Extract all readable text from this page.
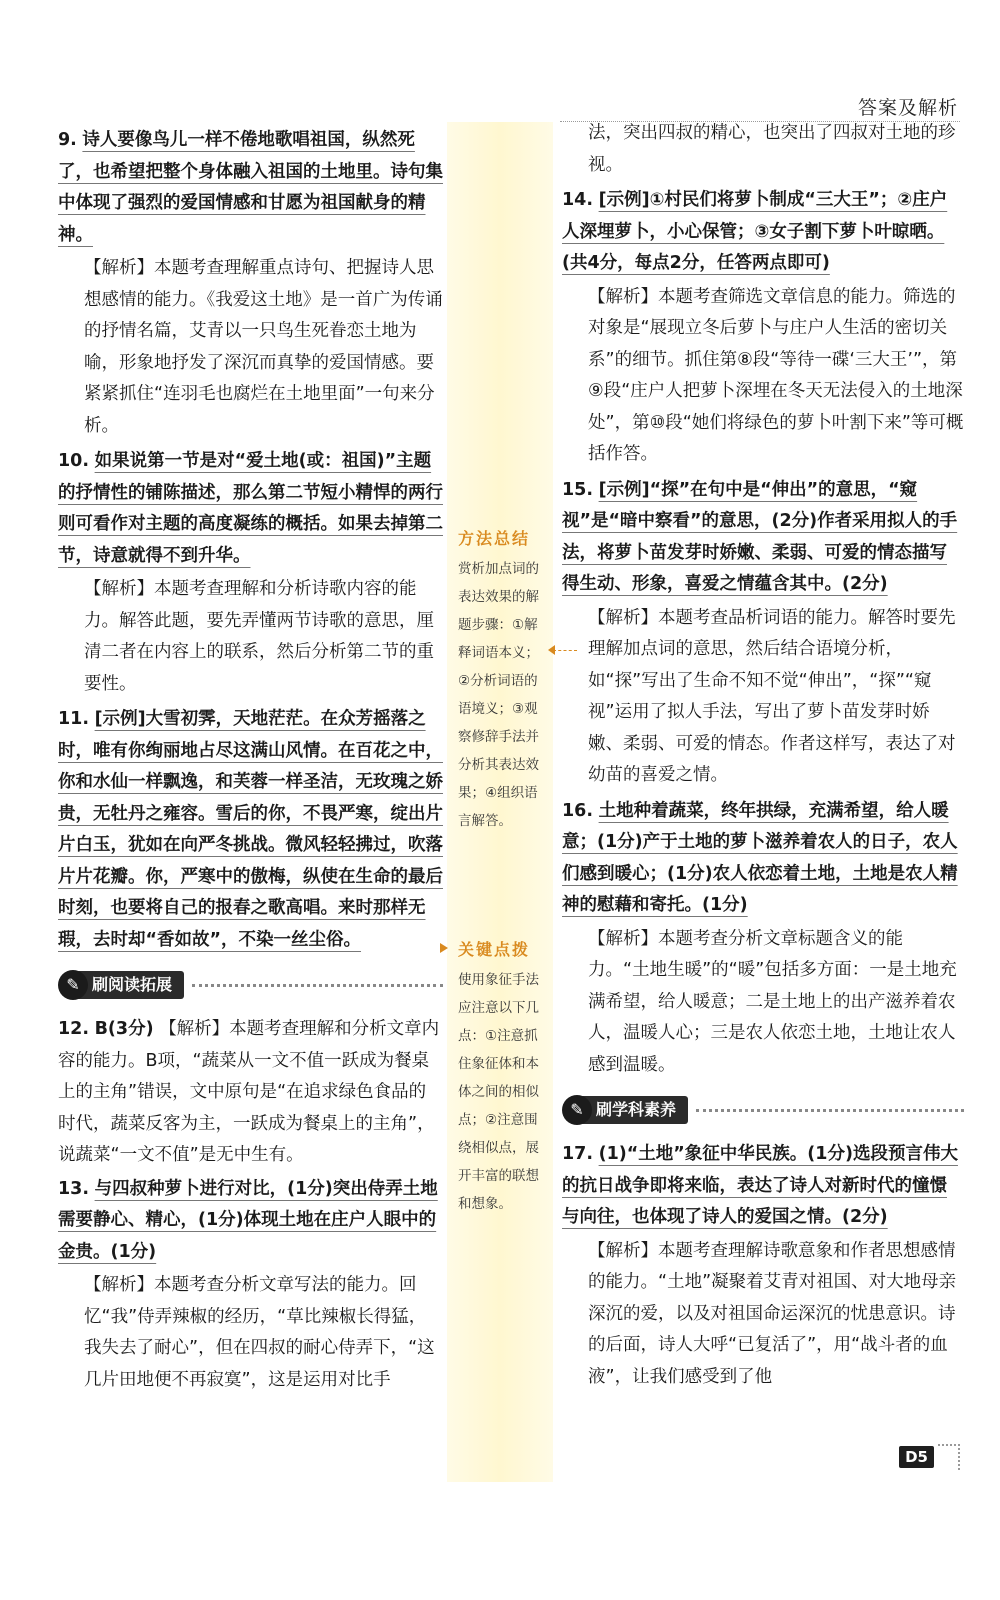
答案及解析
9. 诗人要像鸟儿一样不倦地歌唱祖国，纵然死了，也希望把整个身体融入祖国的土地里。诗句集中体现了强烈的爱国情感和甘愿为祖国献身的精神。
【解析】本题考查理解重点诗句、把握诗人思想感情的能力。《我爱这土地》是一首广为传诵的抒情名篇，艾青以一只鸟生死眷恋土地为喻，形象地抒发了深沉而真挚的爱国情感。要紧紧抓住“连羽毛也腐烂在土地里面”一句来分析。
10. 如果说第一节是对“爱土地(或：祖国)”主题的抒情性的铺陈描述，那么第二节短小精悍的两行则可看作对主题的高度凝练的概括。如果去掉第二节，诗意就得不到升华。
【解析】本题考查理解和分析诗歌内容的能力。解答此题，要先弄懂两节诗歌的意思，厘清二者在内容上的联系，然后分析第二节的重要性。
11. [示例]大雪初霁，天地茫茫。在众芳摇落之时，唯有你绚丽地占尽这满山风情。在百花之中，你和水仙一样飘逸，和芙蓉一样圣洁，无玫瑰之娇贵，无牡丹之雍容。雪后的你，不畏严寒，绽出片片白玉，犹如在向严冬挑战。微风轻轻拂过，吹落片片花瓣。你，严寒中的傲梅，纵使在生命的最后时刻，也要将自己的报春之歌高唱。来时那样无瑕，去时却“香如故”，不染一丝尘俗。
✎ 刷阅读拓展
12. B(3分) 【解析】本题考查理解和分析文章内容的能力。B项，“蔬菜从一文不值一跃成为餐桌上的主角”错误，文中原句是“在追求绿色食品的时代，蔬菜反客为主，一跃成为餐桌上的主角”，说蔬菜“一文不值”是无中生有。
13. 与四叔种萝卜进行对比，(1分)突出侍弄土地需要静心、精心，(1分)体现土地在庄户人眼中的金贵。(1分)
【解析】本题考查分析文章写法的能力。回忆“我”侍弄辣椒的经历，“草比辣椒长得猛，我失去了耐心”，但在四叔的耐心侍弄下，“这几片田地便不再寂寞”，这是运用对比手
方法总结
赏析加点词的表达效果的解题步骤：①解释词语本义；②分析词语的语境义；③观察修辞手法并分析其表达效果；④组织语言解答。
关键点拨
使用象征手法应注意以下几点：①注意抓住象征体和本体之间的相似点；②注意围绕相似点，展开丰富的联想和想象。
法，突出四叔的精心，也突出了四叔对土地的珍视。
14. [示例]①村民们将萝卜制成“三大王”；②庄户人深埋萝卜，小心保管；③女子割下萝卜叶晾晒。(共4分，每点2分，任答两点即可)
【解析】本题考查筛选文章信息的能力。筛选的对象是“展现立冬后萝卜与庄户人生活的密切关系”的细节。抓住第⑧段“等待一碟‘三大王’”，第⑨段“庄户人把萝卜深埋在冬天无法侵入的土地深处”，第⑩段“她们将绿色的萝卜叶割下来”等可概括作答。
15. [示例]“探”在句中是“伸出”的意思，“窥视”是“暗中察看”的意思，(2分)作者采用拟人的手法，将萝卜苗发芽时娇嫩、柔弱、可爱的情态描写得生动、形象，喜爱之情蕴含其中。(2分)
【解析】本题考查品析词语的能力。解答时要先理解加点词的意思，然后结合语境分析，如“探”写出了生命不知不觉“伸出”，“探”“窥视”运用了拟人手法，写出了萝卜苗发芽时娇嫩、柔弱、可爱的情态。作者这样写，表达了对幼苗的喜爱之情。
16. 土地种着蔬菜，终年拱绿，充满希望，给人暖意；(1分)产于土地的萝卜滋养着农人的日子，农人们感到暖心；(1分)农人依恋着土地，土地是农人精神的慰藉和寄托。(1分)
【解析】本题考查分析文章标题含义的能力。“土地生暖”的“暖”包括多方面：一是土地充满希望，给人暖意；二是土地上的出产滋养着农人，温暖人心；三是农人依恋土地，土地让农人感到温暖。
✎ 刷学科素养
17. (1)“土地”象征中华民族。(1分)选段预言伟大的抗日战争即将来临，表达了诗人对新时代的憧憬与向往，也体现了诗人的爱国之情。(2分)
【解析】本题考查理解诗歌意象和作者思想感情的能力。“土地”凝聚着艾青对祖国、对大地母亲深沉的爱，以及对祖国命运深沉的忧患意识。诗的后面，诗人大呼“已复活了”，用“战斗者的血液”，让我们感受到了他
D5
